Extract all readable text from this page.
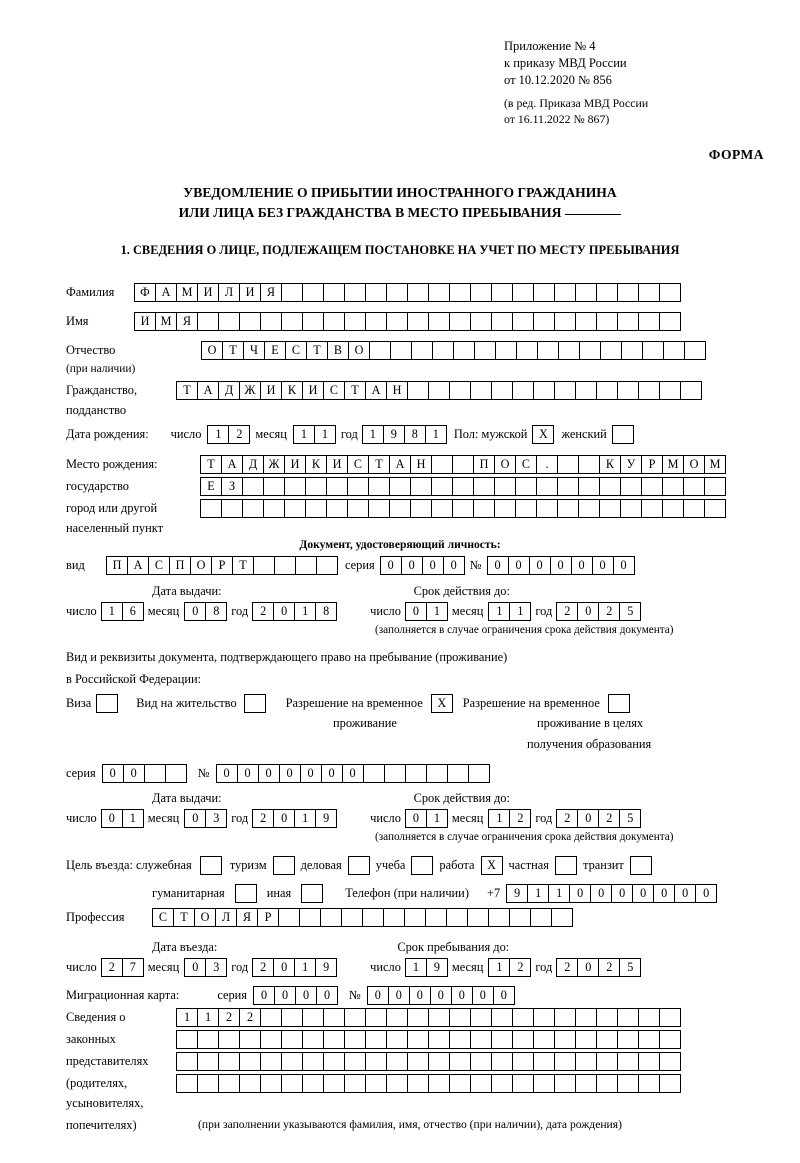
Приложение № 4
к приказу МВД России
от 10.12.2020 № 856
(в ред. Приказа МВД России
от 16.11.2022 № 867)
ФОРМА
УВЕДОМЛЕНИЕ О ПРИБЫТИИ ИНОСТРАННОГО ГРАЖДАНИНА
ИЛИ ЛИЦА БЕЗ ГРАЖДАНСТВА В МЕСТО ПРЕБЫВАНИЯ
1. СВЕДЕНИЯ О ЛИЦЕ, ПОДЛЕЖАЩЕМ ПОСТАНОВКЕ НА УЧЕТ ПО МЕСТУ ПРЕБЫВАНИЯ
Фамилия	Ф А М И	Л	И	Я
Имя	И М Я
Отчество	О	Т	Ч	Е	С	Т	В	О
(при наличии)
Гражданство,	Т	А	Д Ж И	К	И	С	Т	А Н
подданство
Дата рождения: число	1	2	месяц	1	1	год 1	9	8	1	Пол: мужской Х	женский
Место рождения:	Т	А	Д Ж И	К	И	С	Т	А Н	П О	С	.	К	У	Р М О М
государство	Е	З
город или другой
населенный пункт
Документ, удостоверяющий личность:
вид	П А	С	П О	Р	Т	серия	0	0	0	0	№	0	0	0	0	0	0	0
Дата выдачи:	Срок действия до:
число 1	6 месяц	0	8 год 2	0	1	8	число 0	1 месяц	1	1 год 2	0	2	5
(заполняется в случае ограничения срока действия документа)
Вид и реквизиты документа, подтверждающего право на пребывание (проживание)
в Российской Федерации:
Виза	Вид на жительство	Разрешение на временное	Х	Разрешение на временное
проживание	проживание в целях
получения образования
серия	0	0	№	0	0	0	0	0	0	0
Дата выдачи:	Срок действия до:
число 0	1 месяц	0	3 год 2	0	1	9	число 0	1 месяц	1	2 год 2	0	2	5
(заполняется в случае ограничения срока действия документа)
Цель въезда: служебная	туризм	деловая	учеба	работа	Х	частная	транзит
гуманитарная	иная	Телефон (при наличии) +7	9	1	1	0	0	0	0	0	0	0
Профессия	С	Т	О	Л	Я	Р
Дата въезда:	Срок пребывания до:
число 2	7 месяц	0	3 год 2	0	1	9	число 1	9 месяц	1	2 год 2	0	2	5
Миграционная карта:	серия	0	0	0	0	№	0	0	0	0	0	0	0
Сведения о	1	1	2	2
законных
представителях
(родителях,
усыновителях,
попечителях)	(при заполнении указываются фамилия, имя, отчество (при наличии), дата рождения)
